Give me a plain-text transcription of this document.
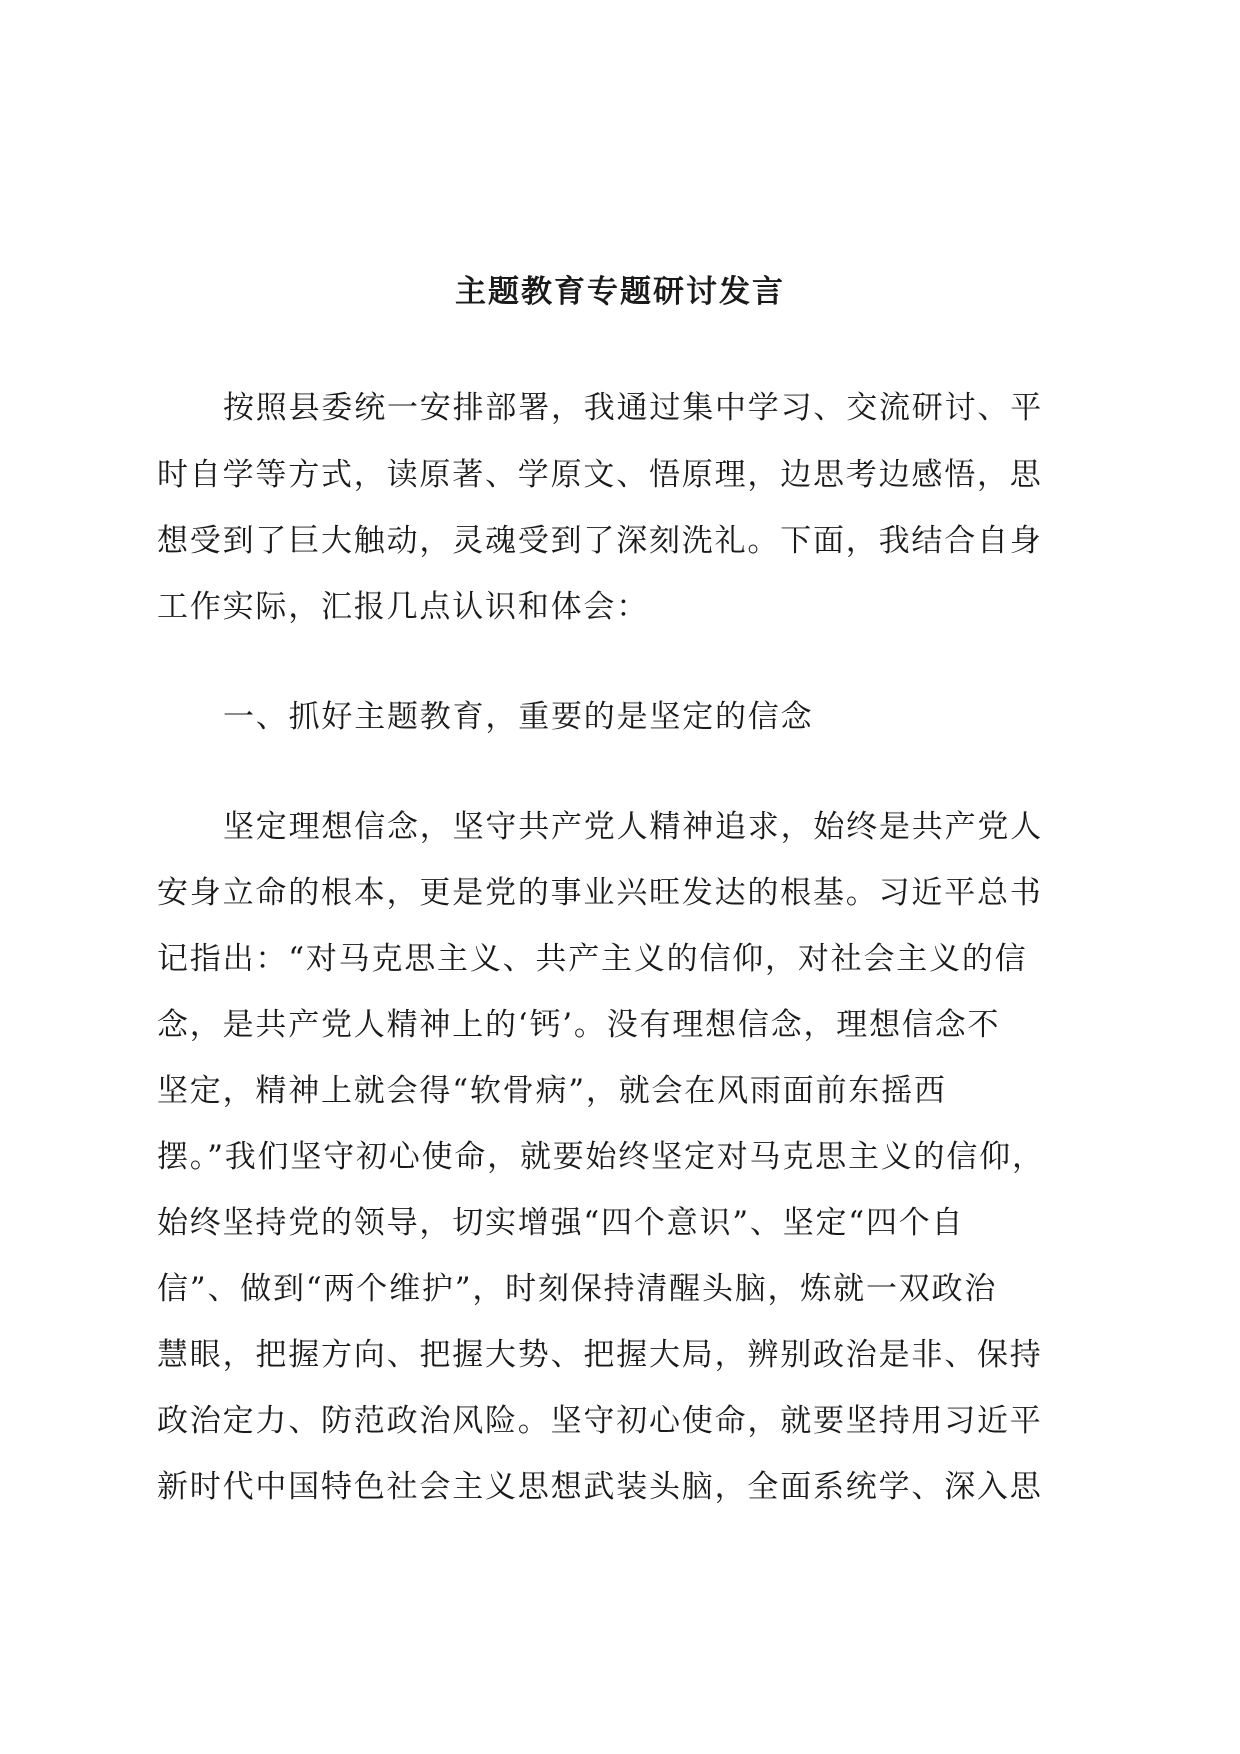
主题教育专题研讨发言
按照县委统一安排部署，我通过集中学习、交流研讨、平
时自学等方式，读原著、学原文、悟原理，边思考边感悟，思
想受到了巨大触动，灵魂受到了深刻洗礼。下面，我结合自身
工作实际，汇报几点认识和体会：
一、抓好主题教育，重要的是坚定的信念
坚定理想信念，坚守共产党人精神追求，始终是共产党人
安身立命的根本，更是党的事业兴旺发达的根基。习近平总书
记指出：“对马克思主义、共产主义的信仰，对社会主义的信
念，是共产党人精神上的‘钙’。没有理想信念，理想信念不
坚定，精神上就会得“软骨病”，就会在风雨面前东摇西
摆。”我们坚守初心使命，就要始终坚定对马克思主义的信仰，
始终坚持党的领导，切实增强“四个意识”、坚定“四个自
信”、做到“两个维护”，时刻保持清醒头脑，炼就一双政治
慧眼，把握方向、把握大势、把握大局，辨别政治是非、保持
政治定力、防范政治风险。坚守初心使命，就要坚持用习近平
新时代中国特色社会主义思想武装头脑，全面系统学、深入思
